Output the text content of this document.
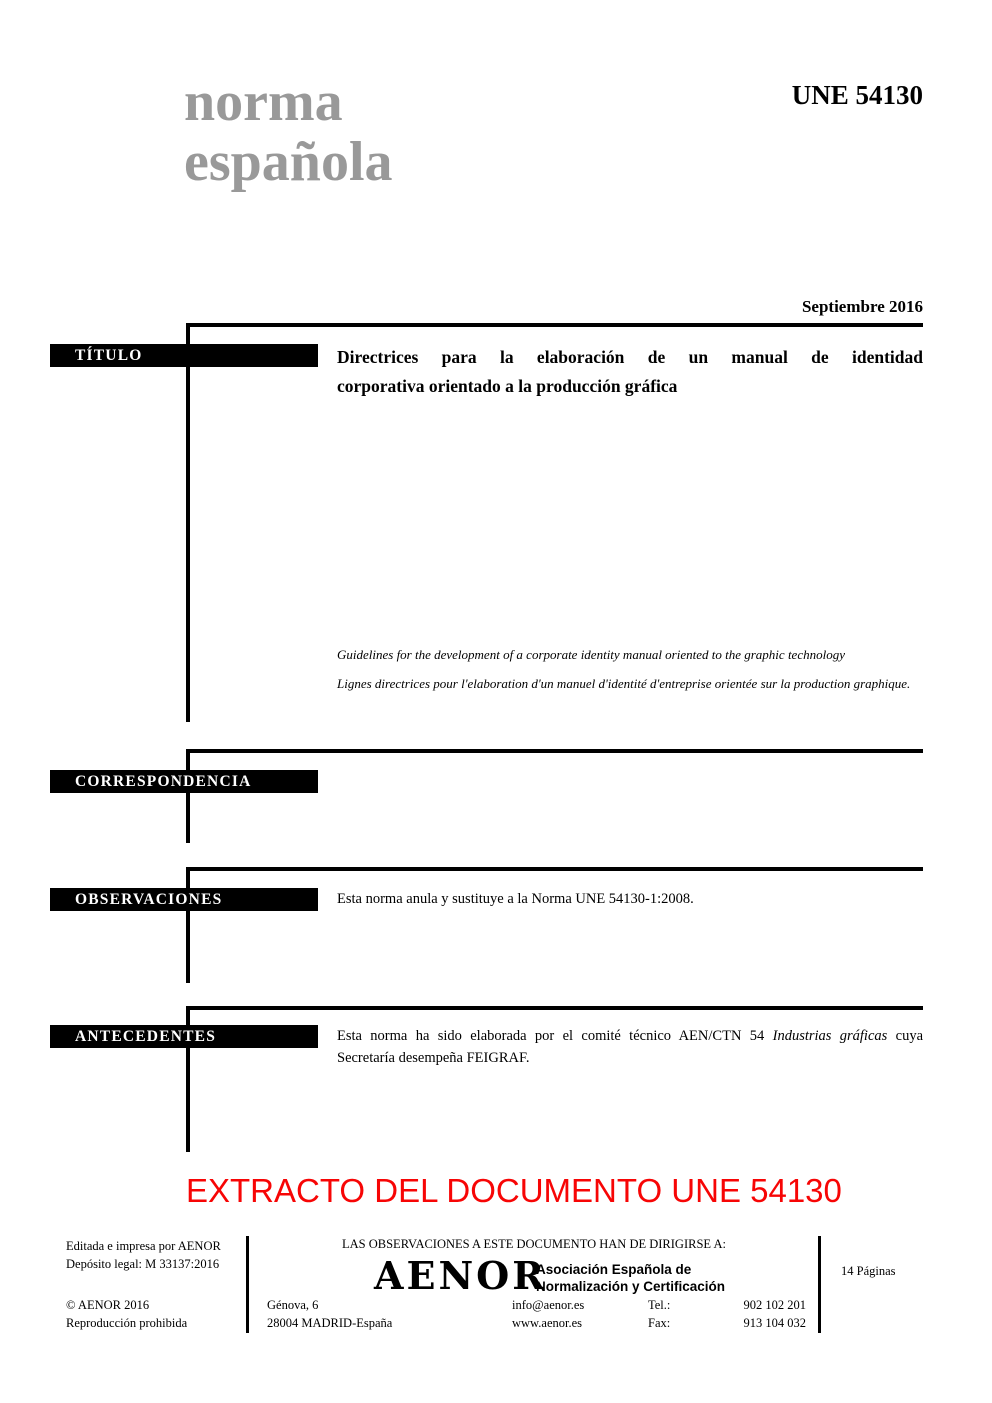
norma
española
UNE 54130
Septiembre 2016
TÍTULO	Directrices para la elaboración de un manual de identidad
corporativa orientado a la producción gráfica
Guidelines for the development of a corporate identity manual oriented to the graphic technology
Lignes directrices pour l'elaboration d'un manuel d'identité d'entreprise orientée sur la production graphique.
CORRESPONDENCIA
OBSERVACIONES	Esta norma anula y sustituye a la Norma UNE 54130-1:2008.
ANTECEDENTES	Esta norma ha sido elaborada por el comité técnico AEN/CTN 54 Industrias gráficas cuya Secretaría desempeña FEIGRAF.
EXTRACTO DEL DOCUMENTO UNE 54130
Editada e impresa por AENOR
Depósito legal: M 33137:2016
LAS OBSERVACIONES A ESTE DOCUMENTO HAN DE DIRIGIRSE A:
AENOR
Asociación Española de
Normalización y Certificación
© AENOR 2016
Reproducción prohibida
Génova, 6
28004 MADRID-España
info@aenor.es
www.aenor.es
Tel.:	902 102 201
Fax:	913 104 032
14 Páginas
